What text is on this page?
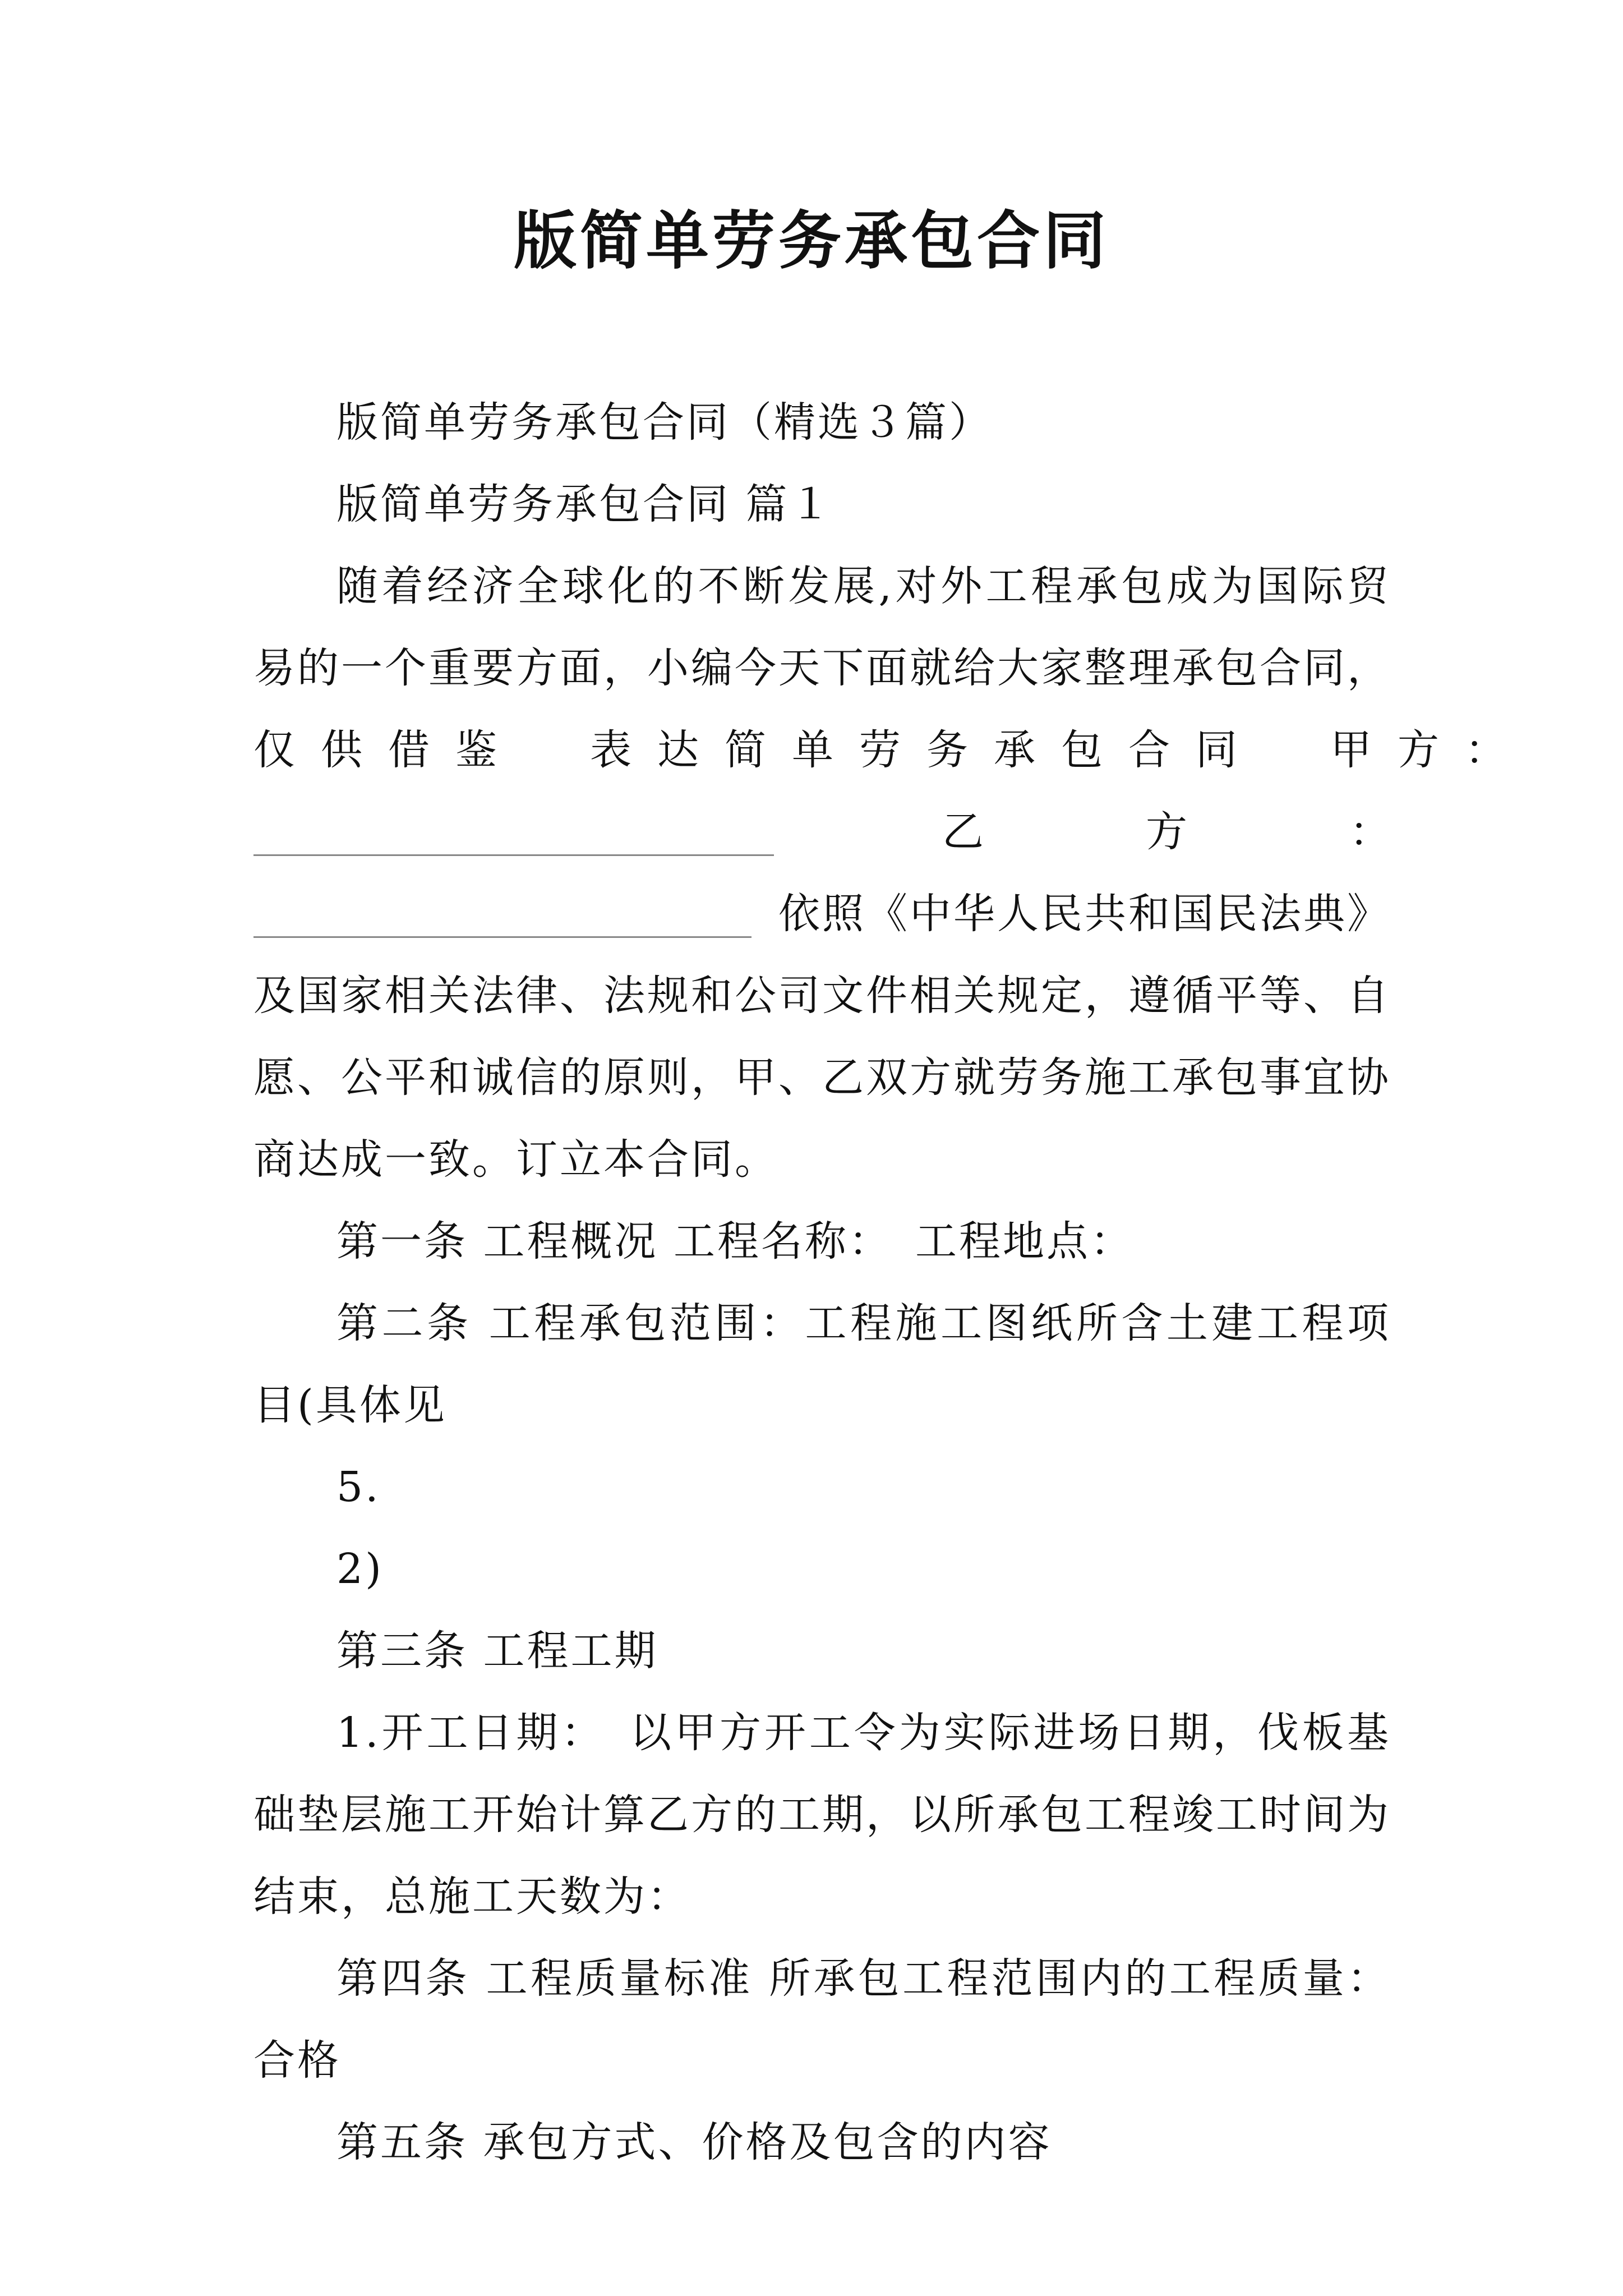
版简单劳务承包合同

版简单劳务承包合同（精选３篇）

版简单劳务承包合同 篇１

随着经济全球化的不断发展,对外工程承包成为国际贸易的一个重要方面，小编今天下面就给大家整理承包合同，

仅供借鉴　表达简单劳务承包合同　甲方：

乙	方	：
依照《中华人民共和国民法典》

及国家相关法律、法规和公司文件相关规定，遵循平等、自愿、公平和诚信的原则，甲、乙双方就劳务施工承包事宜协商达成一致。订立本合同。

第一条 工程概况 工程名称：　工程地点：

第二条 工程承包范围：工程施工图纸所含土建工程项目(具体见

5.

2)

第三条 工程工期

1.开工日期：　以甲方开工令为实际进场日期，伐板基础垫层施工开始计算乙方的工期，以所承包工程竣工时间为结束，总施工天数为：

第四条 工程质量标准 所承包工程范围内的工程质量：合格

第五条 承包方式、价格及包含的内容
